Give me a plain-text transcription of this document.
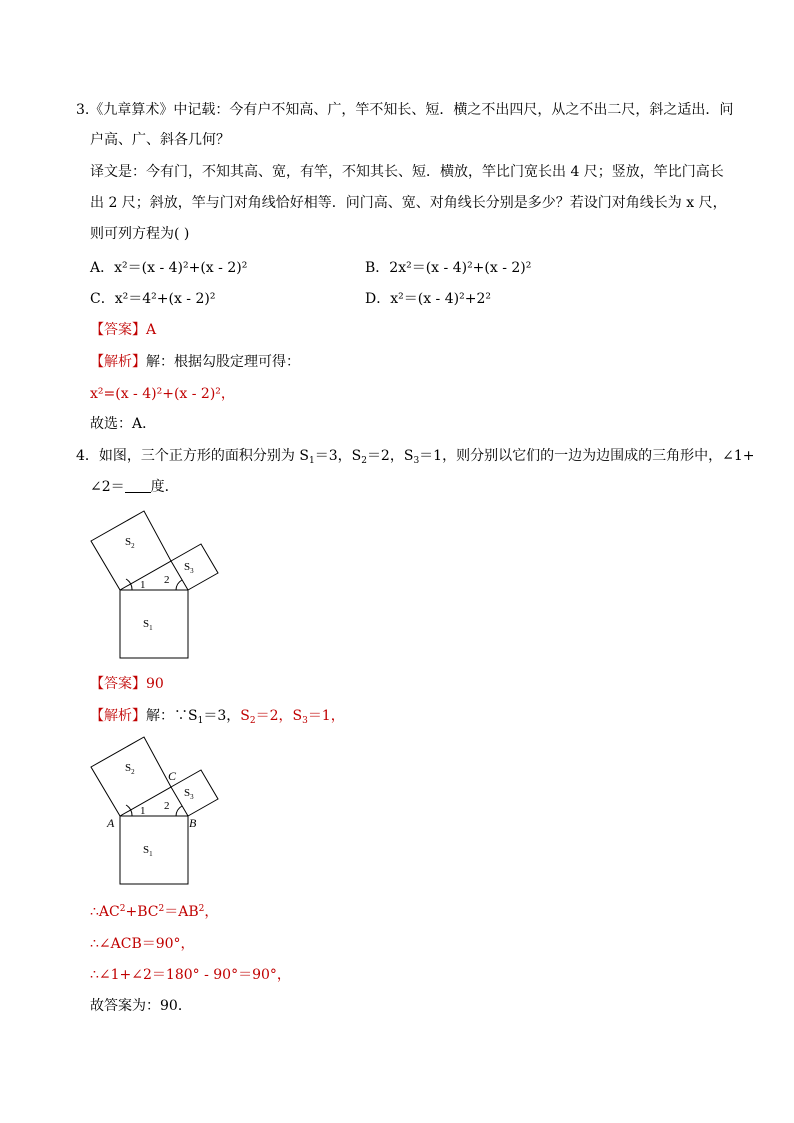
3.《九章算术》中记载：今有户不知高、广，竿不知长、短．横之不出四尺，从之不出二尺，斜之适出．问
户高、广、斜各几何？
译文是：今有门，不知其高、宽，有竿，不知其长、短．横放，竿比门宽长出 4 尺；竖放，竿比门高长
出 2 尺；斜放，竿与门对角线恰好相等．问门高、宽、对角线长分别是多少？若设门对角线长为 x 尺，
则可列方程为( )
A．x²＝(x - 4)²+(x - 2)²	B．2x²＝(x - 4)²+(x - 2)²
C．x²＝4²+(x - 2)²	D．x²＝(x - 4)²+2²
【答案】A
【解析】解：根据勾股定理可得：
x²=(x - 4)²+(x - 2)²，
故选：A．
4．如图，三个正方形的面积分别为 $S_1=3$，$S_2=2$，$S_3=1$，则分别以它们的一边为边围成的三角形中，∠1+
∠2＝ 度．
$S_2$
$S_3$
$S_1$
1 2
【答案】90
【解析】解：$\because S_1=3$，$S_2=2$，$S_3=1$，
$S_2$
$S_3$
$S_1$
1 2
A	B
C
$\therefore AC^2+BC^2=AB^2$，
∴∠ACB＝90°，
∴∠1+∠2＝180° - 90°＝90°，
故答案为：90．
